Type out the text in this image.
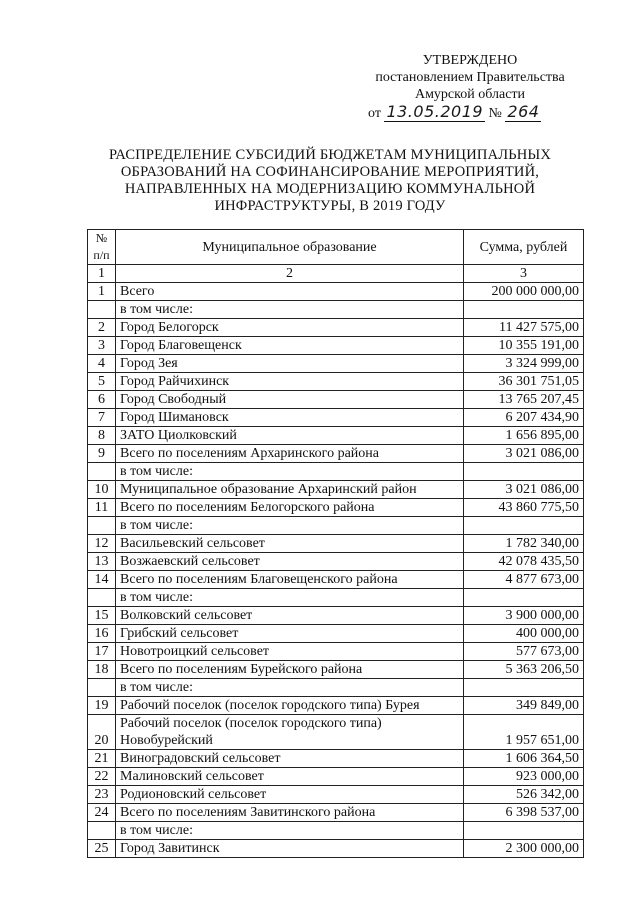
УТВЕРЖДЕНО
постановлением Правительства
Амурской области
от 13.05.2019 № 264
РАСПРЕДЕЛЕНИЕ СУБСИДИЙ БЮДЖЕТАМ МУНИЦИПАЛЬНЫХ
ОБРАЗОВАНИЙ НА СОФИНАНСИРОВАНИЕ МЕРОПРИЯТИЙ,
НАПРАВЛЕННЫХ НА МОДЕРНИЗАЦИЮ КОММУНАЛЬНОЙ
ИНФРАСТРУКТУРЫ, В 2019 ГОДУ
№ п/п	Муниципальное образование	Сумма, рублей
1	2	3
1	Всего	200 000 000,00
	в том числе:	
2	Город Белогорск	11 427 575,00
3	Город Благовещенск	10 355 191,00
4	Город Зея	3 324 999,00
5	Город Райчихинск	36 301 751,05
6	Город Свободный	13 765 207,45
7	Город Шимановск	6 207 434,90
8	ЗАТО Циолковский	1 656 895,00
9	Всего по поселениям Архаринского района	3 021 086,00
	в том числе:	
10	Муниципальное образование Архаринский район	3 021 086,00
11	Всего по поселениям Белогорского района	43 860 775,50
	в том числе:	
12	Васильевский сельсовет	1 782 340,00
13	Возжаевский сельсовет	42 078 435,50
14	Всего по поселениям Благовещенского района	4 877 673,00
	в том числе:	
15	Волковский сельсовет	3 900 000,00
16	Грибский сельсовет	400 000,00
17	Новотроицкий сельсовет	577 673,00
18	Всего по поселениям Бурейского района	5 363 206,50
	в том числе:	
19	Рабочий поселок (поселок городского типа) Бурея	349 849,00
20	Рабочий поселок (поселок городского типа) Новобурейский	1 957 651,00
21	Виноградовский сельсовет	1 606 364,50
22	Малиновский сельсовет	923 000,00
23	Родионовский сельсовет	526 342,00
24	Всего по поселениям Завитинского района	6 398 537,00
	в том числе:	
25	Город Завитинск	2 300 000,00
